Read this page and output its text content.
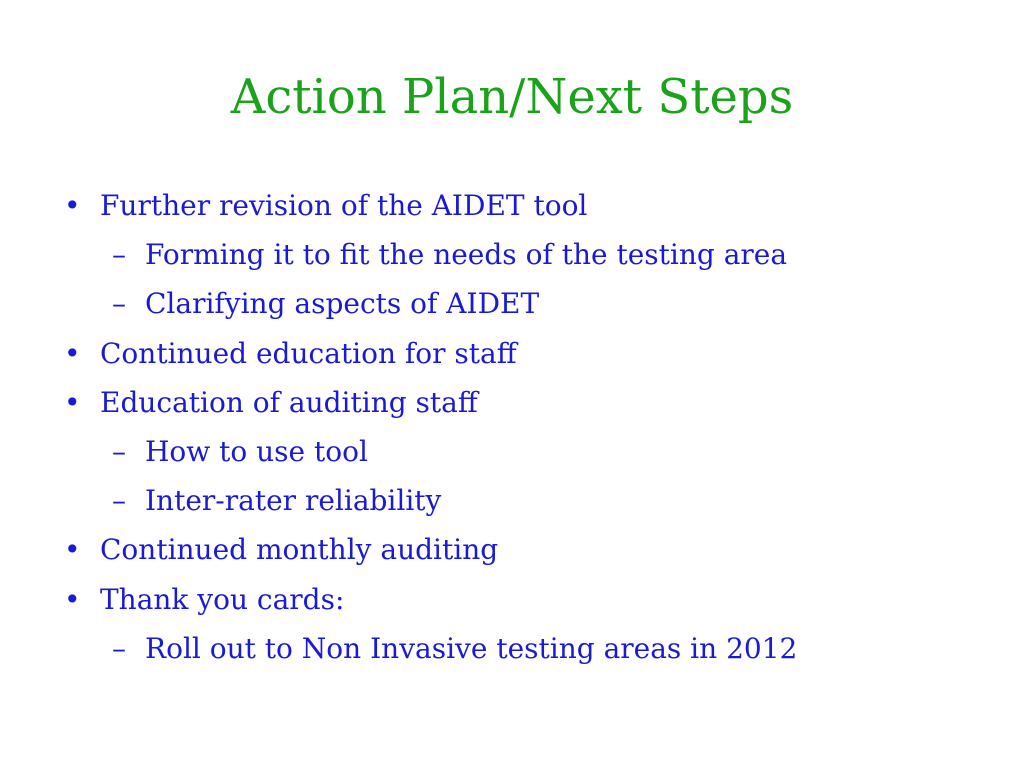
Action Plan/Next Steps
• Further revision of the AIDET tool
– Forming it to fit the needs of the testing area
– Clarifying aspects of AIDET
• Continued education for staff
• Education of auditing staff
– How to use tool
– Inter-rater reliability
• Continued monthly auditing
• Thank you cards:
– Roll out to Non Invasive testing areas in 2012
